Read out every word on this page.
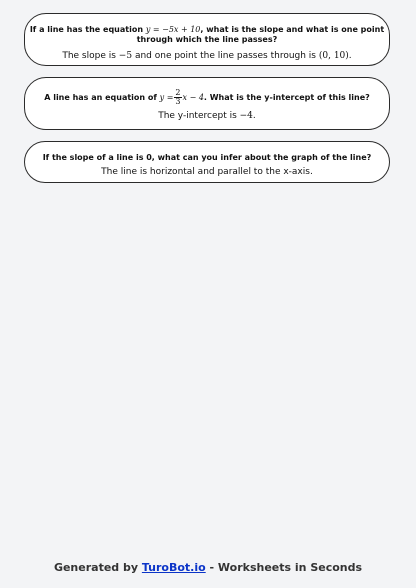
If a line has the equation y = −5x + 10, what is the slope and what is one point through which the line passes?

The slope is −5 and one point the line passes through is (0, 10).

A line has an equation of $y = \frac{2}{3}$ x − 4. What is the y-intercept of this line?

The y-intercept is −4.

If the slope of a line is 0, what can you infer about the graph of the line?

The line is horizontal and parallel to the x-axis.

Generated by TuroBot.io - Worksheets in Seconds
